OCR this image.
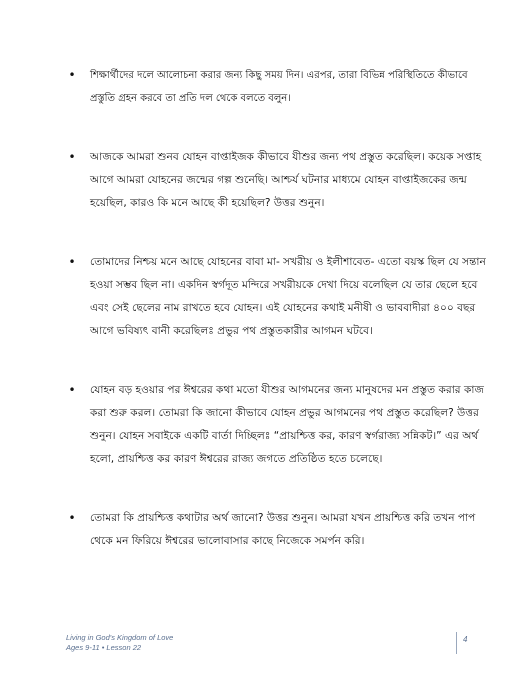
• শিক্ষার্থীদের দলে আলোচনা করার জন্য কিছু সময় দিন। এরপর, তারা বিভিন্ন পরিস্থিতিতে কীভাবে প্রস্তুতি গ্রহন করবে তা প্রতি দল থেকে বলতে বলুন।
• আজকে আমরা শুনব যোহন বাপ্তাইজক কীভাবে যীশুর জন্য পথ প্রস্তুত করেছিল। কয়েক সপ্তাহ আগে আমরা যোহনের জন্মের গল্প শুনেছি। আশ্চর্য ঘটনার মাধ্যমে যোহন বাপ্তাইজকের জন্ম হয়েছিল, কারও কি মনে আছে কী হয়েছিল? উত্তর শুনুন।
• তোমাদের নিশ্চয় মনে আছে যোহনের বাবা মা- সখরীয় ও ইলীশাবেত- এতো বয়স্ক ছিল যে সন্তান হওয়া সম্ভব ছিল না। একদিন স্বর্গদূত মন্দিরে সখরীয়কে দেখা দিয়ে বলেছিল যে তার ছেলে হবে এবং সেই ছেলের নাম রাখতে হবে যোহন। এই যোহনের কথাই মনীষী ও ভাববাদীরা ৪০০ বছর আগে ভবিষ্যৎ বানী করেছিলঃ প্রভুর পথ প্রস্তুতকারীর আগমন ঘটবে।
• যোহন বড় হওয়ার পর ঈশ্বরের কথা মতো যীশুর আগমনের জন্য মানুষদের মন প্রস্তুত করার কাজ করা শুরু করল। তোমরা কি জানো কীভাবে যোহন প্রভুর আগমনের পথ প্রস্তুত করেছিল? উত্তর শুনুন। যোহন সবাইকে একটি বার্তা দিচ্ছিলঃ “প্রায়শ্চিত্ত কর, কারণ স্বর্গরাজ্য সন্নিকট।” এর অর্থ হলো, প্রায়শ্চিত্ত কর কারণ ঈশ্বরের রাজ্য জগতে প্রতিষ্ঠিত হতে চলেছে।
• তোমরা কি প্রায়শ্চিত্ত কথাটার অর্থ জানো? উত্তর শুনুন। আমরা যখন প্রায়শ্চিত্ত করি তখন পাপ থেকে মন ফিরিয়ে ঈশ্বরের ভালোবাসার কাছে নিজেকে সমর্পন করি।
Living in God's Kingdom of Love
Ages 9-11 • Lesson 22
4
